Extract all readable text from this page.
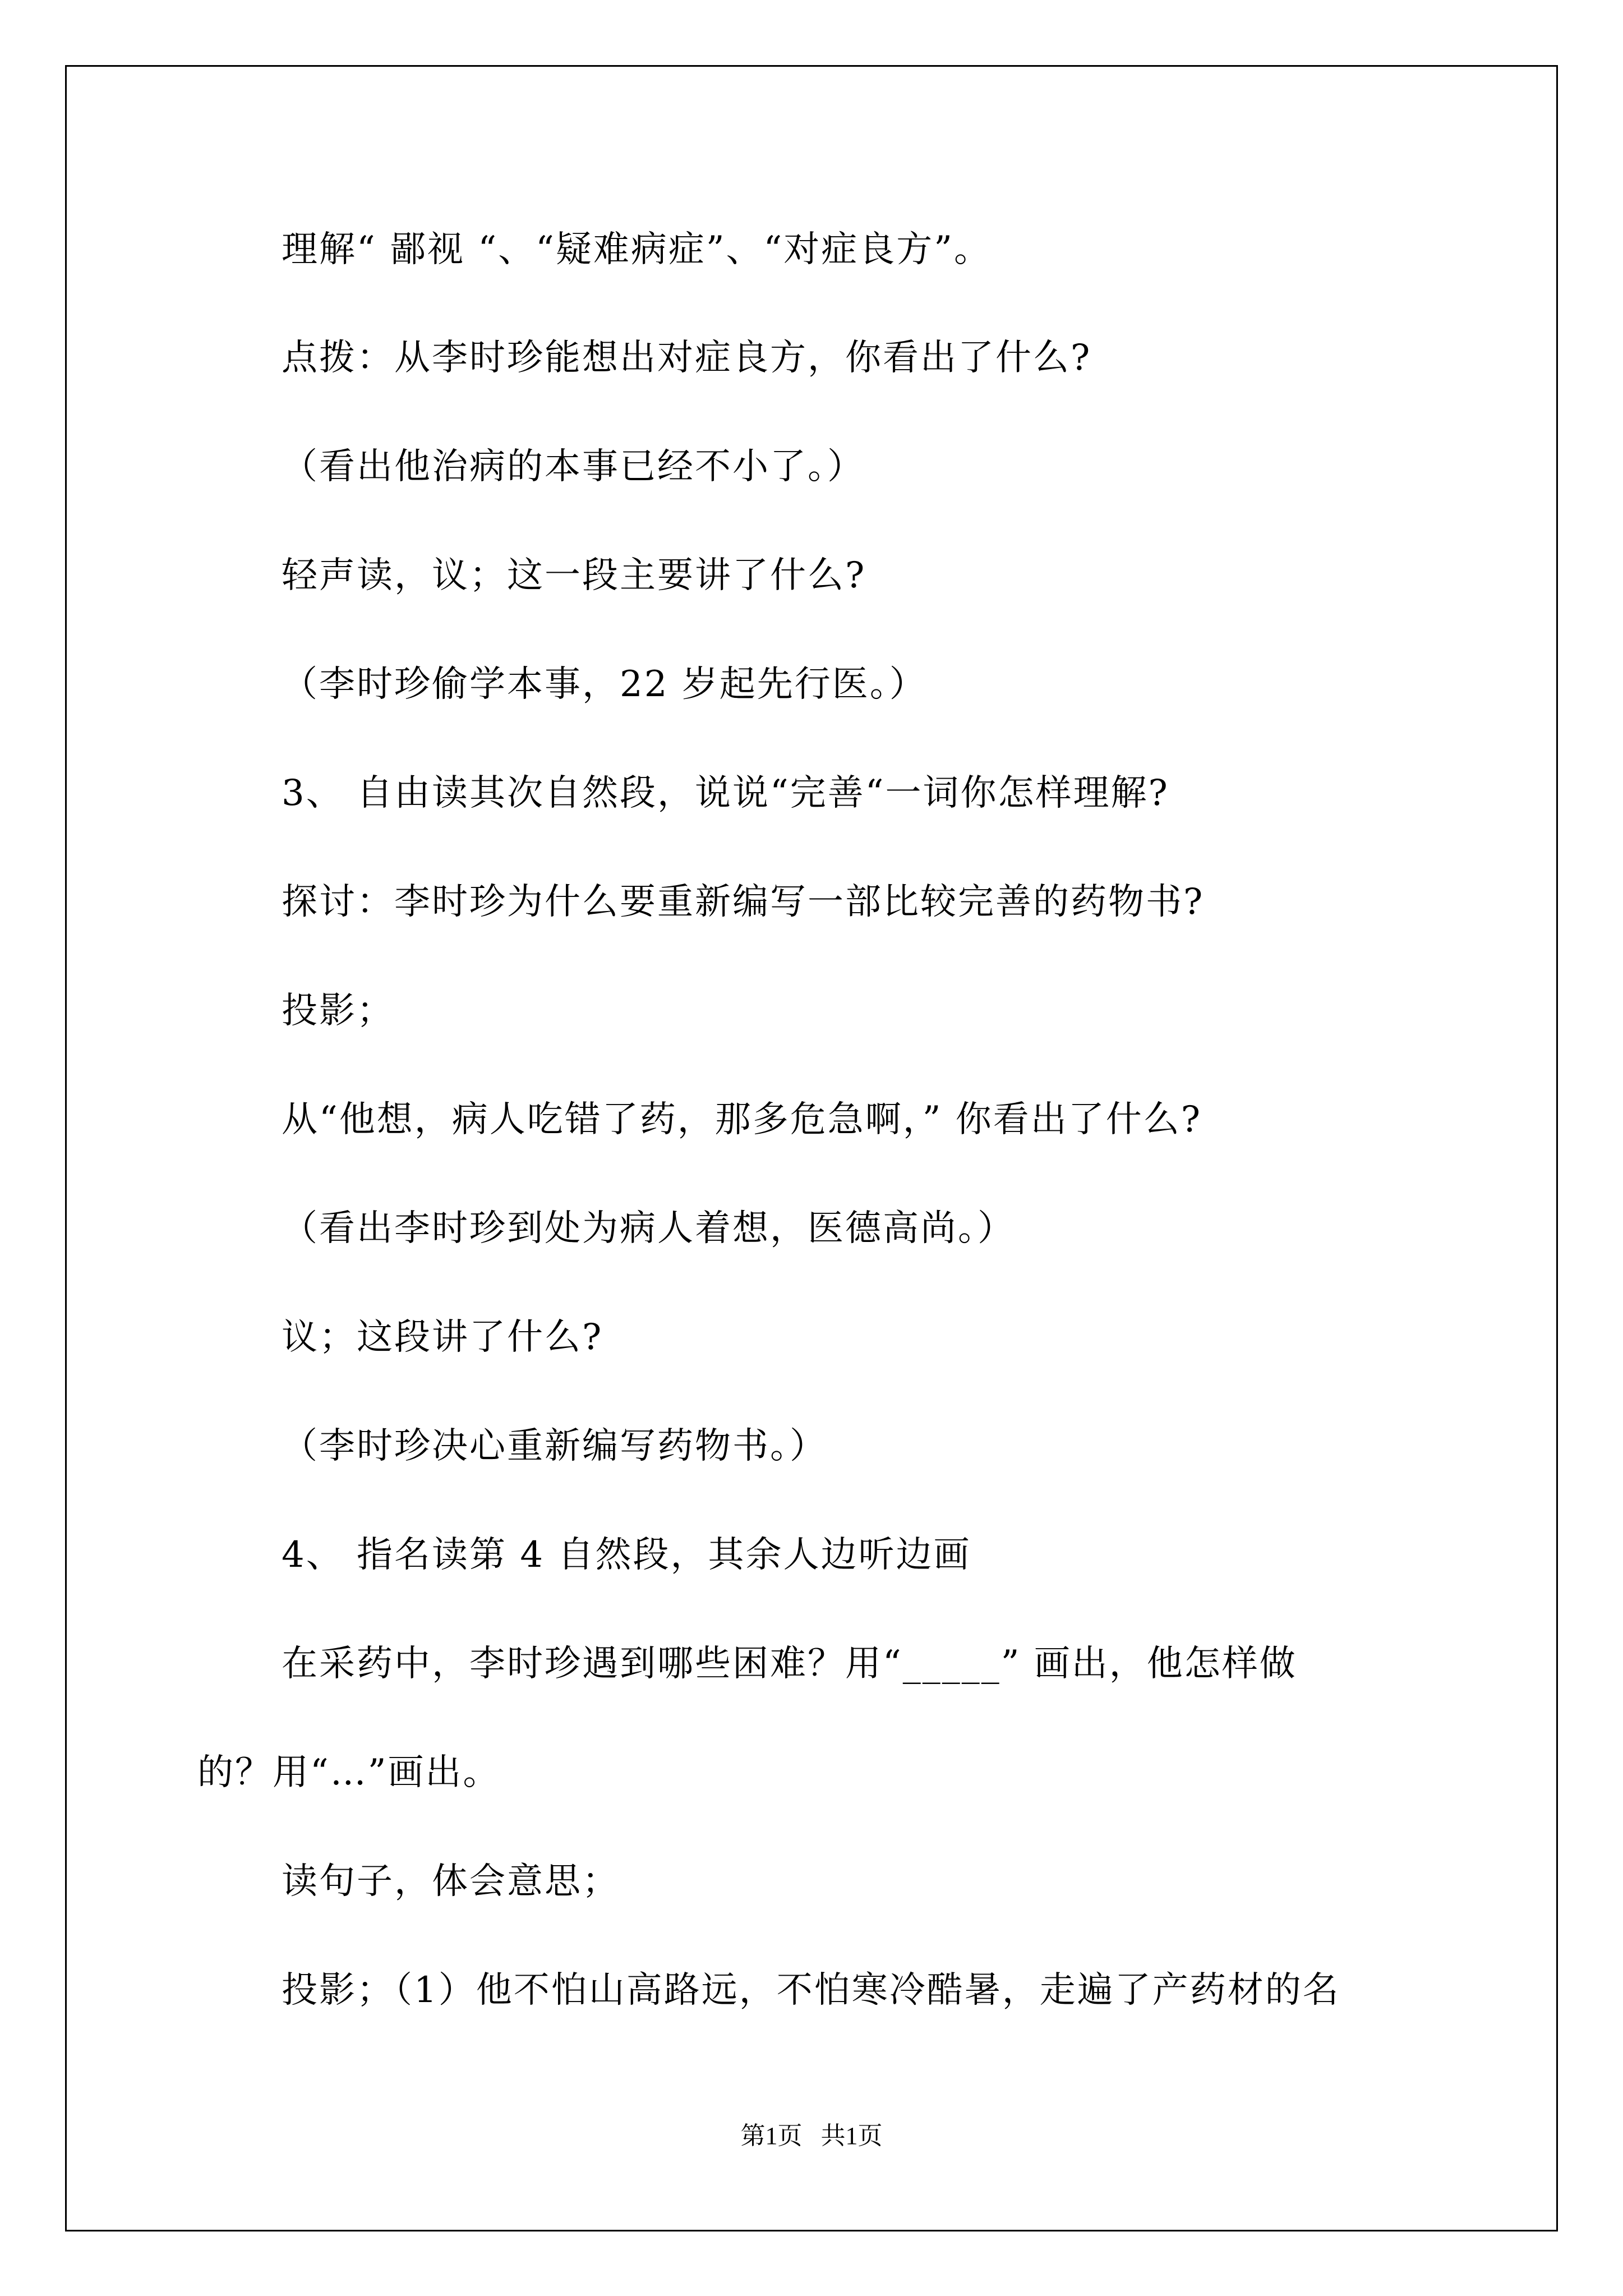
理解“ 鄙视 “、“疑难病症”、“对症良方”。
点拨：从李时珍能想出对症良方，你看出了什么?
（看出他治病的本事已经不小了。）
轻声读，议；这一段主要讲了什么?
（李时珍偷学本事，22 岁起先行医。）
3、 自由读其次自然段，说说“完善“一词你怎样理解?
探讨：李时珍为什么要重新编写一部比较完善的药物书?
投影；
从“他想，病人吃错了药，那多危急啊，” 你看出了什么?
（看出李时珍到处为病人着想，医德高尚。）
议；这段讲了什么?
（李时珍决心重新编写药物书。）
4、 指名读第 4 自然段，其余人边听边画
在采药中，李时珍遇到哪些困难？用“_____” 画出，他怎样做
的？用“…”画出。
读句子，体会意思；
投影；（1）他不怕山高路远，不怕寒冷酷暑，走遍了产药材的名
第1页   共1页
